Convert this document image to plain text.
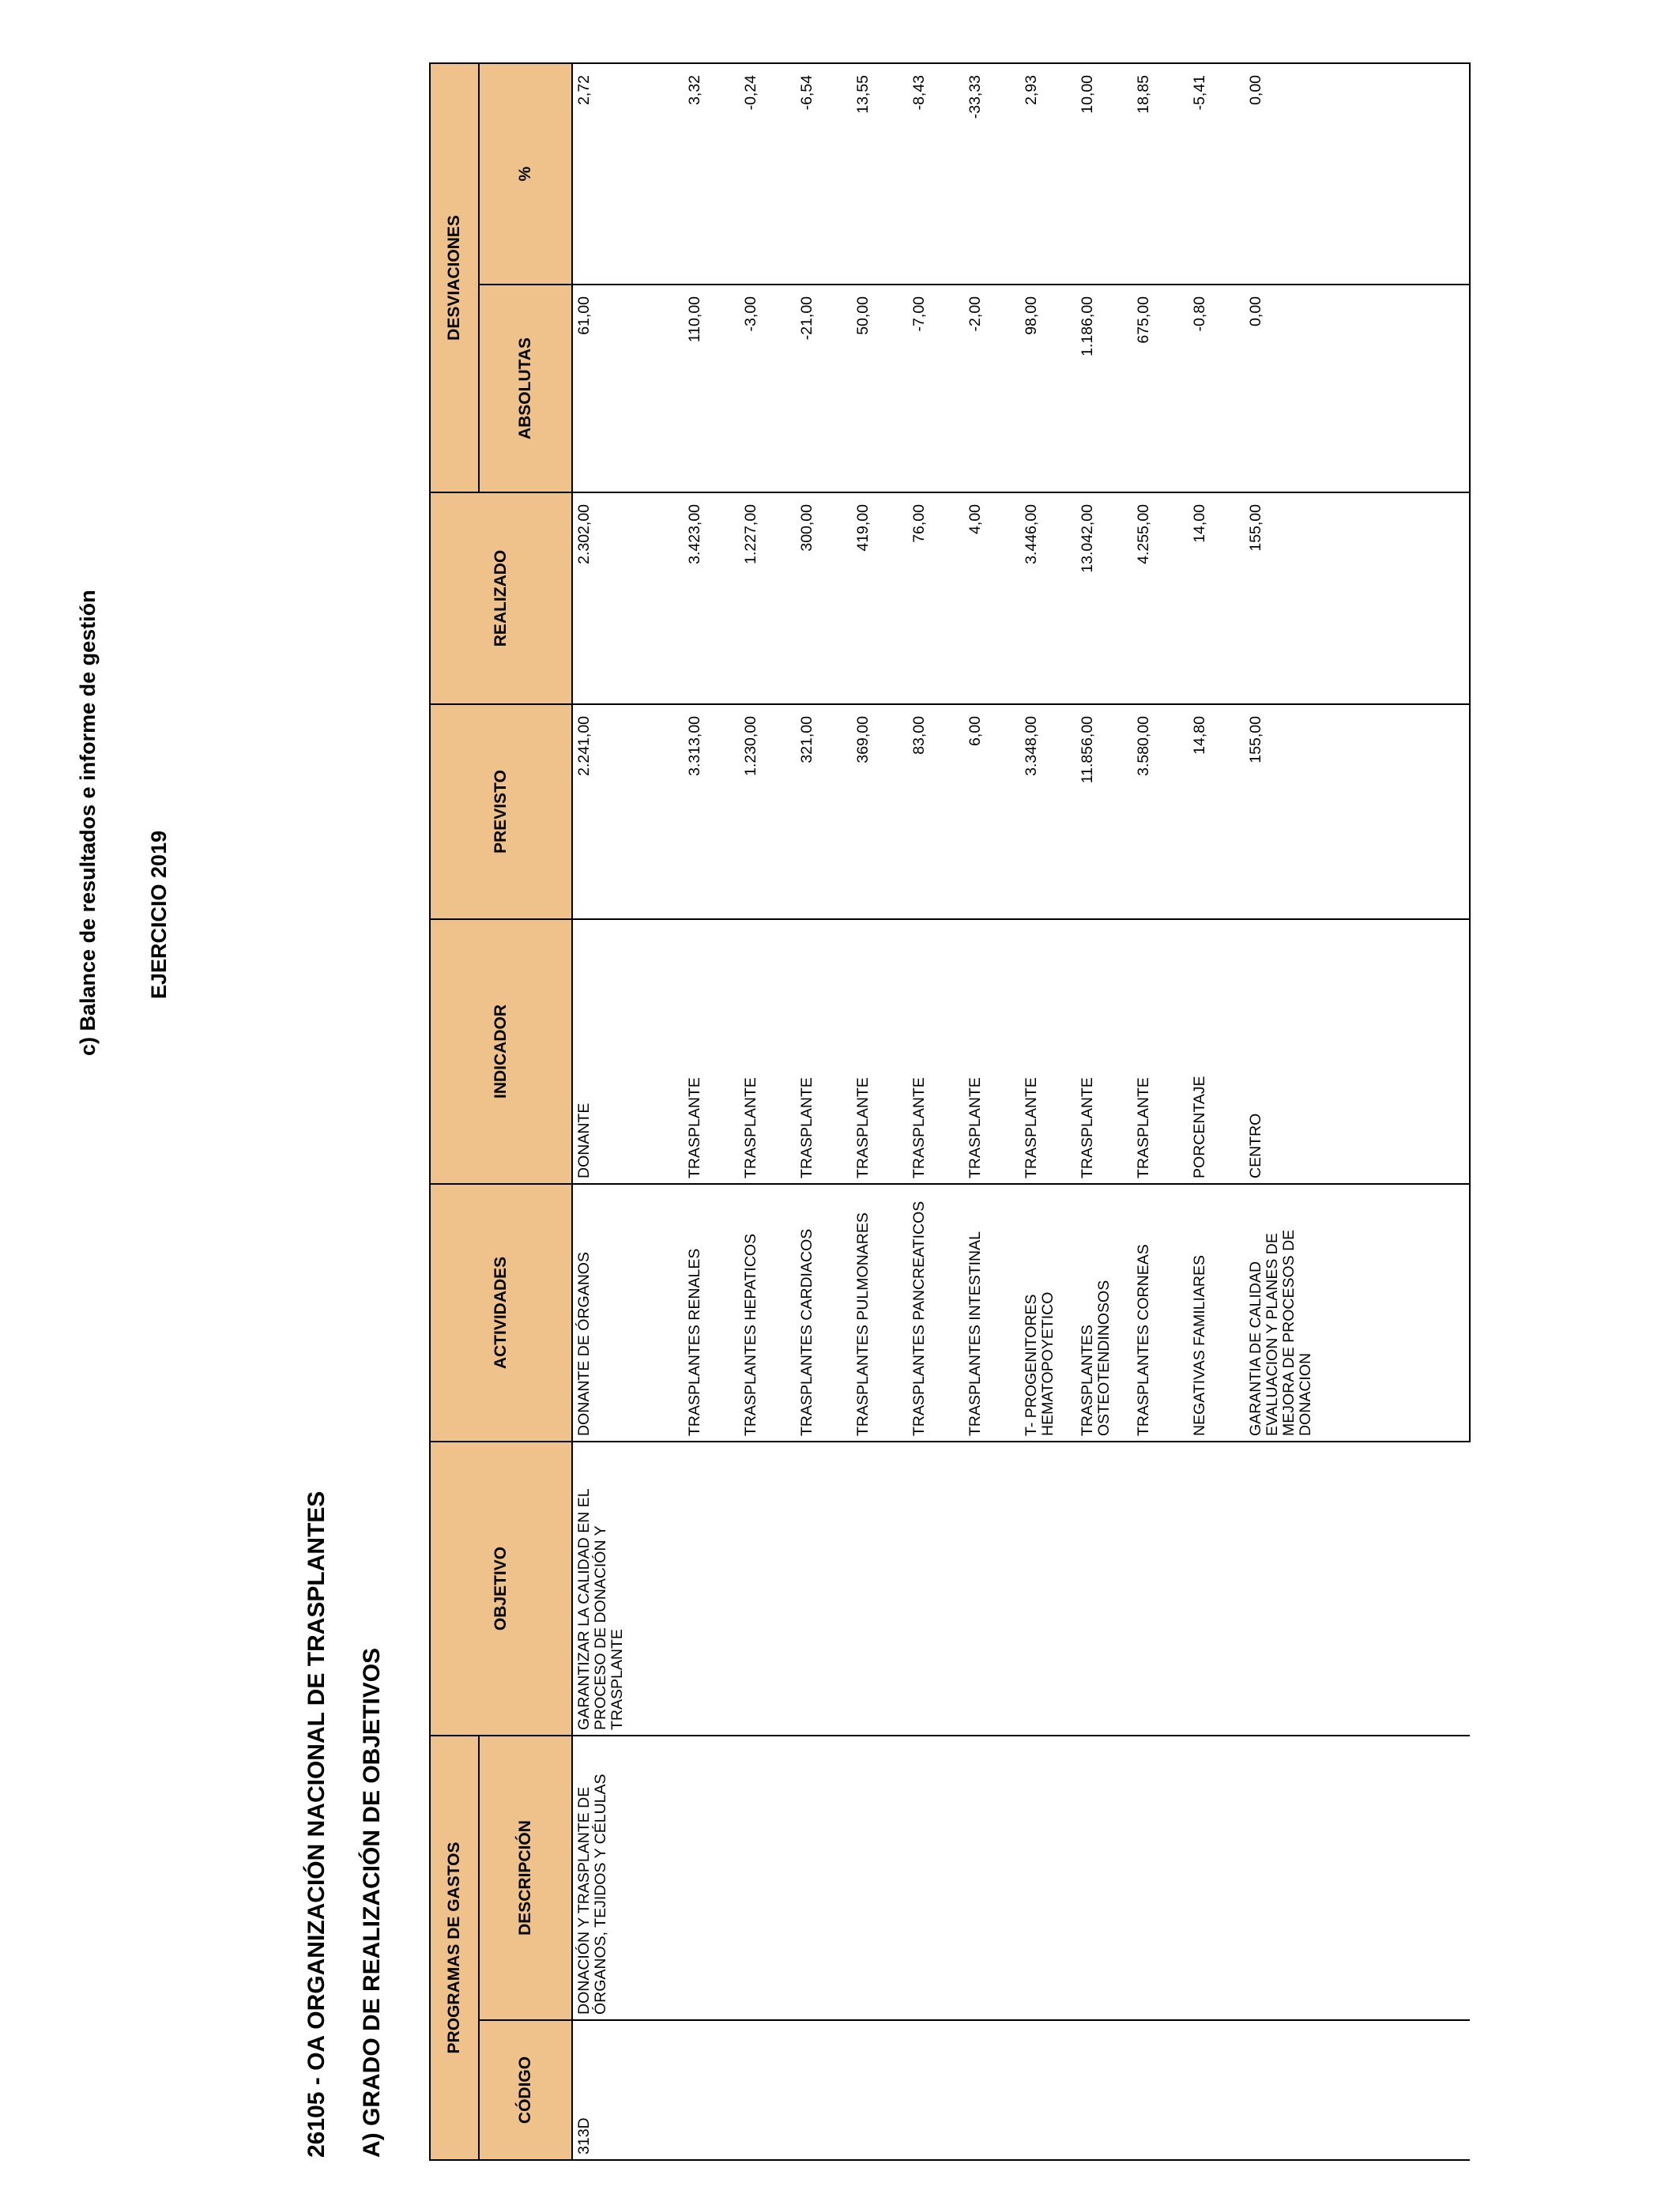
c) Balance de resultados e informe de gestión EJERCICIO 2019
26105 - OA ORGANIZACIÓN NACIONAL DE TRASPLANTES A) GRADO DE REALIZACIÓN DE OBJETIVOS	PROGRAMAS DE GASTOS		OBJETIVO	ACTIVIDADES	INDICADOR	PREVISTO	REALIZADO	DESVIACIONES	
CÓDIGO	DESCRIPCIÓN						ABSOLUTAS	%
313D	DONACIÓN Y TRASPLANTE DE ÓRGANOS, TEJIDOS Y CÉLULAS	GARANTIZAR LA CALIDAD EN EL PROCESO DE DONACIÓN Y TRASPLANTE	DONANTE DE ÓRGANOS	DONANTE	2.241,00	2.302,00	61,00	2,72
			TRASPLANTES RENALES	TRASPLANTE	3.313,00	3.423,00	110,00	3,32
			TRASPLANTES HEPATICOS	TRASPLANTE	1.230,00	1.227,00	-3,00	-0,24
			TRASPLANTES CARDIACOS	TRASPLANTE	321,00	300,00	-21,00	-6,54
			TRASPLANTES PULMONARES	TRASPLANTE	369,00	419,00	50,00	13,55
			TRASPLANTES PANCREATICOS	TRASPLANTE	83,00	76,00	-7,00	-8,43
			TRASPLANTES INTESTINAL	TRASPLANTE	6,00	4,00	-2,00	-33,33
			T- PROGENITORES HEMATOPOYETICO	TRASPLANTE	3.348,00	3.446,00	98,00	2,93
			TRASPLANTES OSTEOTENDINOSOS	TRASPLANTE	11.856,00	13.042,00	1.186,00	10,00
			TRASPLANTES CORNEAS	TRASPLANTE	3.580,00	4.255,00	675,00	18,85
			NEGATIVAS FAMILIARES	PORCENTAJE	14,80	14,00	-0,80	-5,41
			GARANTIA DE CALIDAD EVALUACION Y PLANES DE MEJORA DE PROCESOS DE DONACION	CENTRO	155,00	155,00	0,00	0,00
